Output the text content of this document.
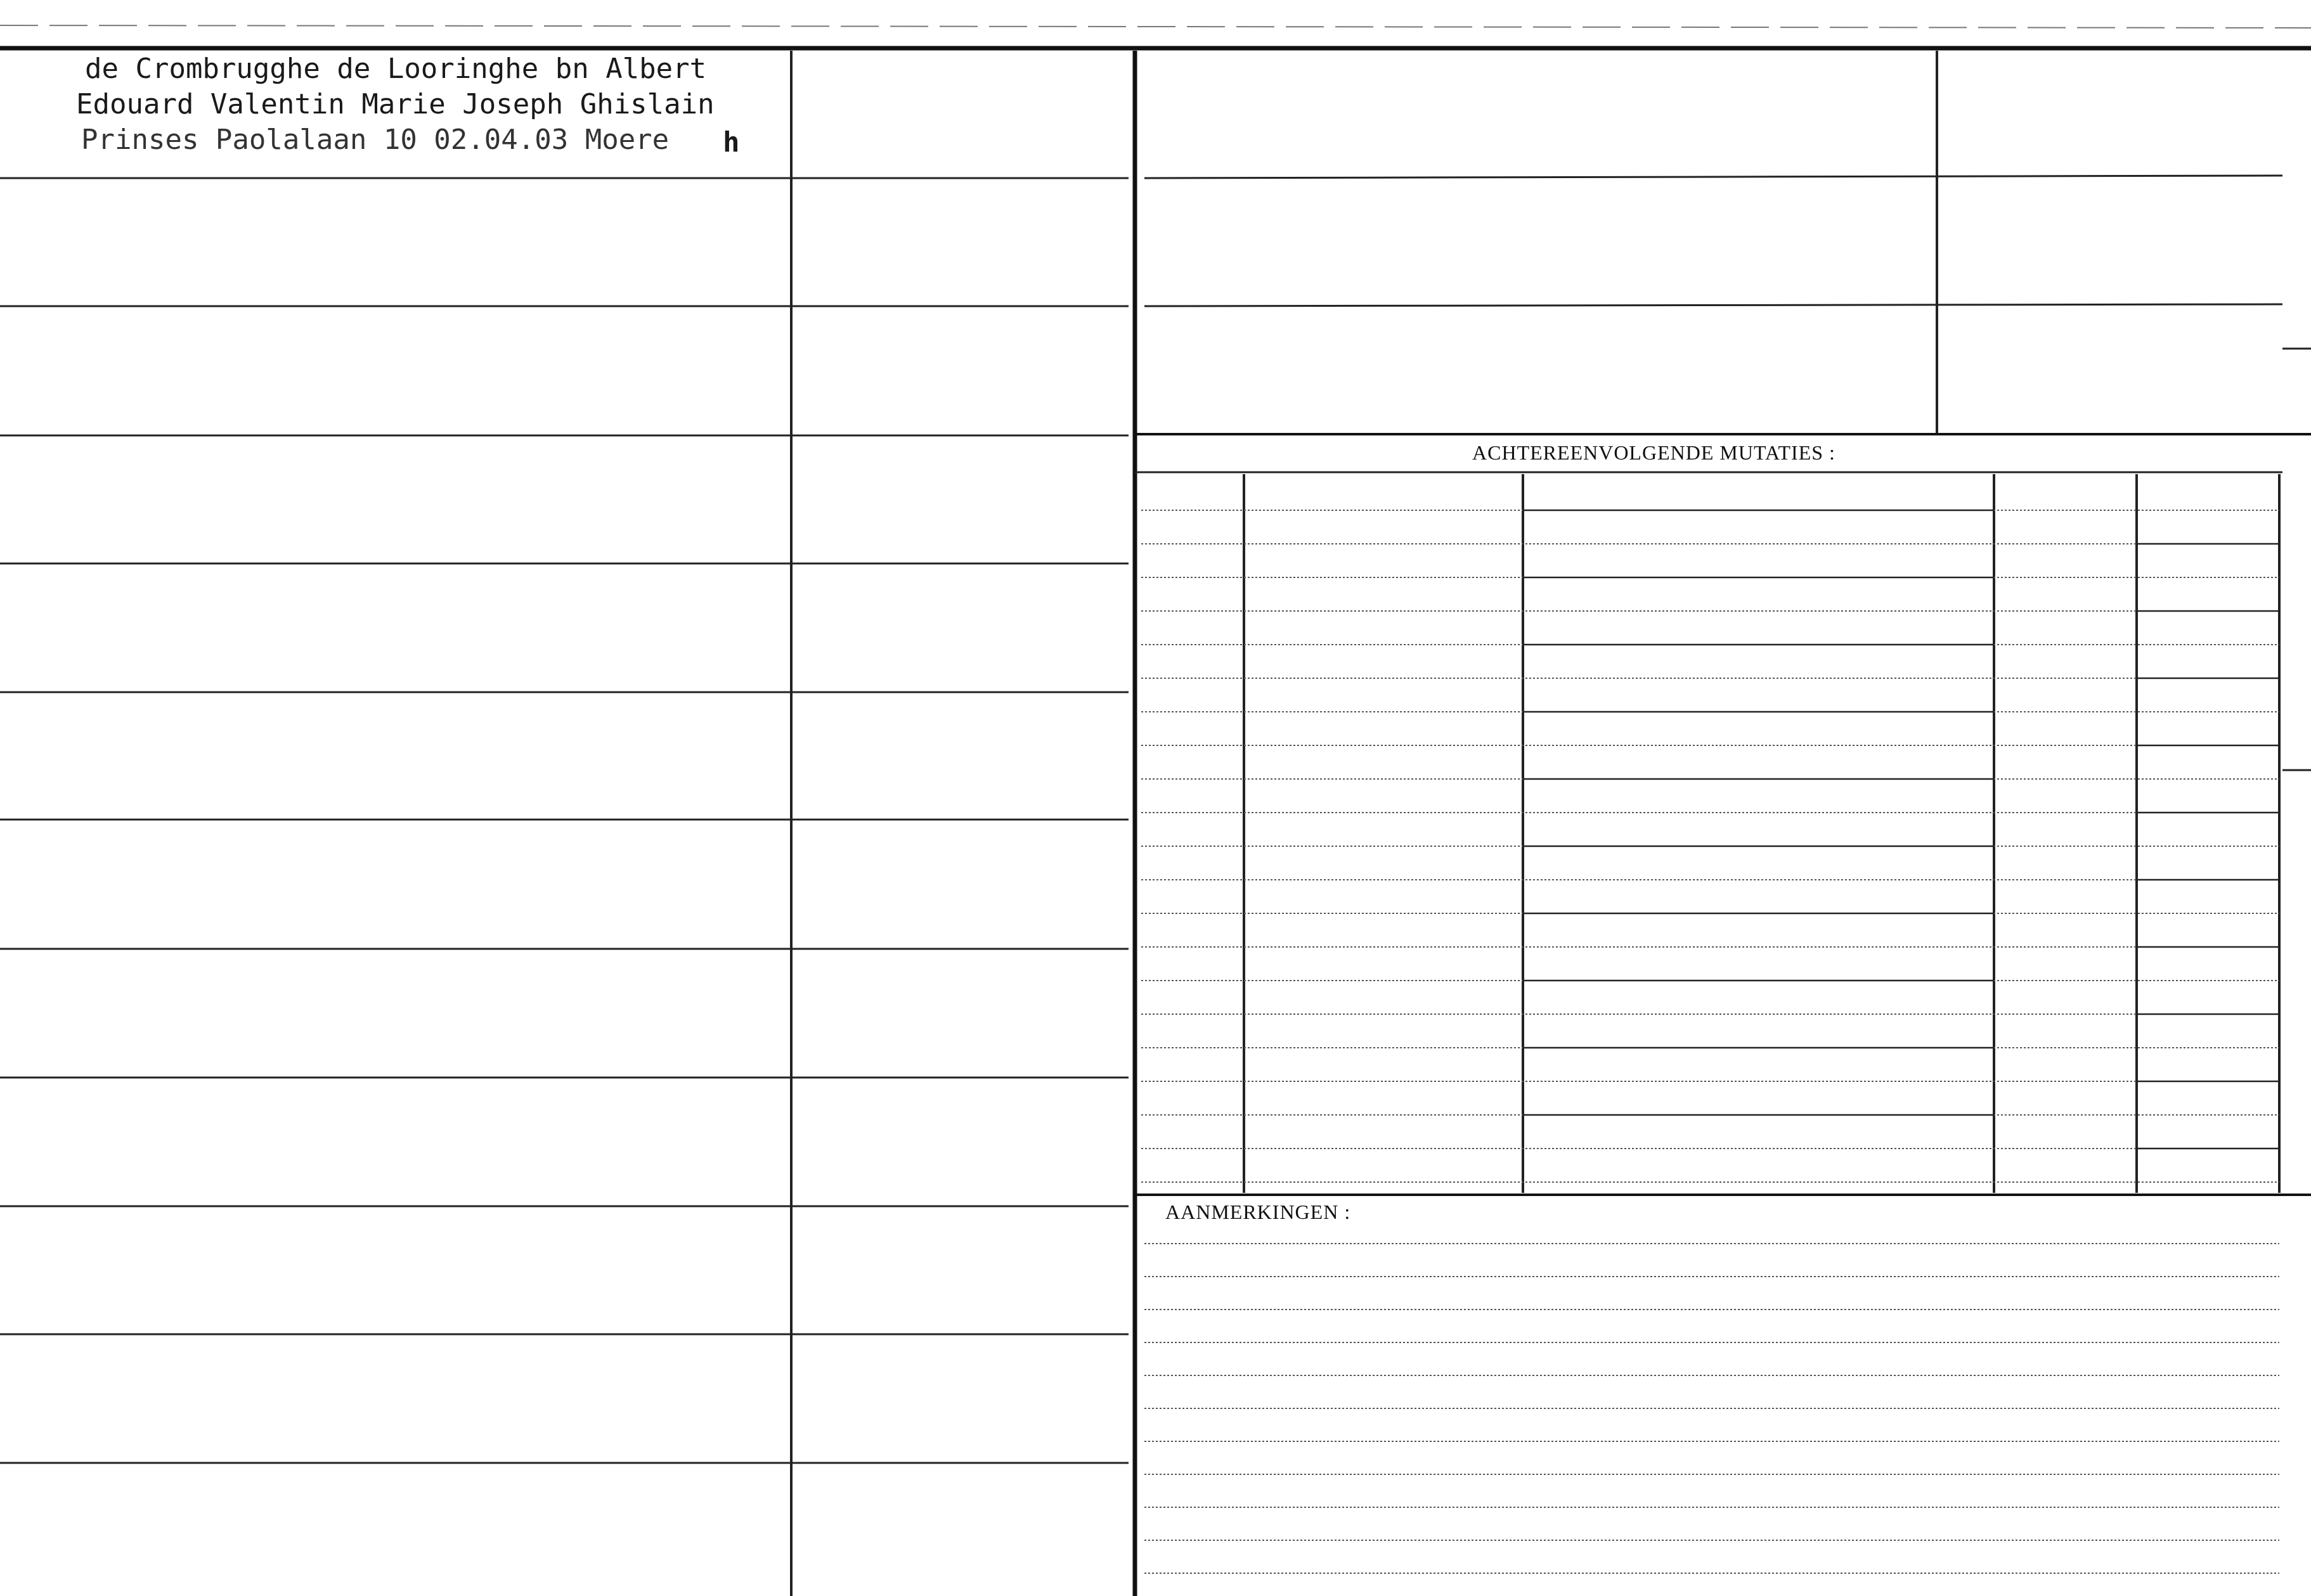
de Crombrugghe de Looringhe bn Albert

Edouard Valentin Marie Joseph Ghislain

Prinses Paolalaan 10 02.04.03 Moere h

ACHTEREENVOLGENDE MUTATIES :

AANMERKINGEN :
